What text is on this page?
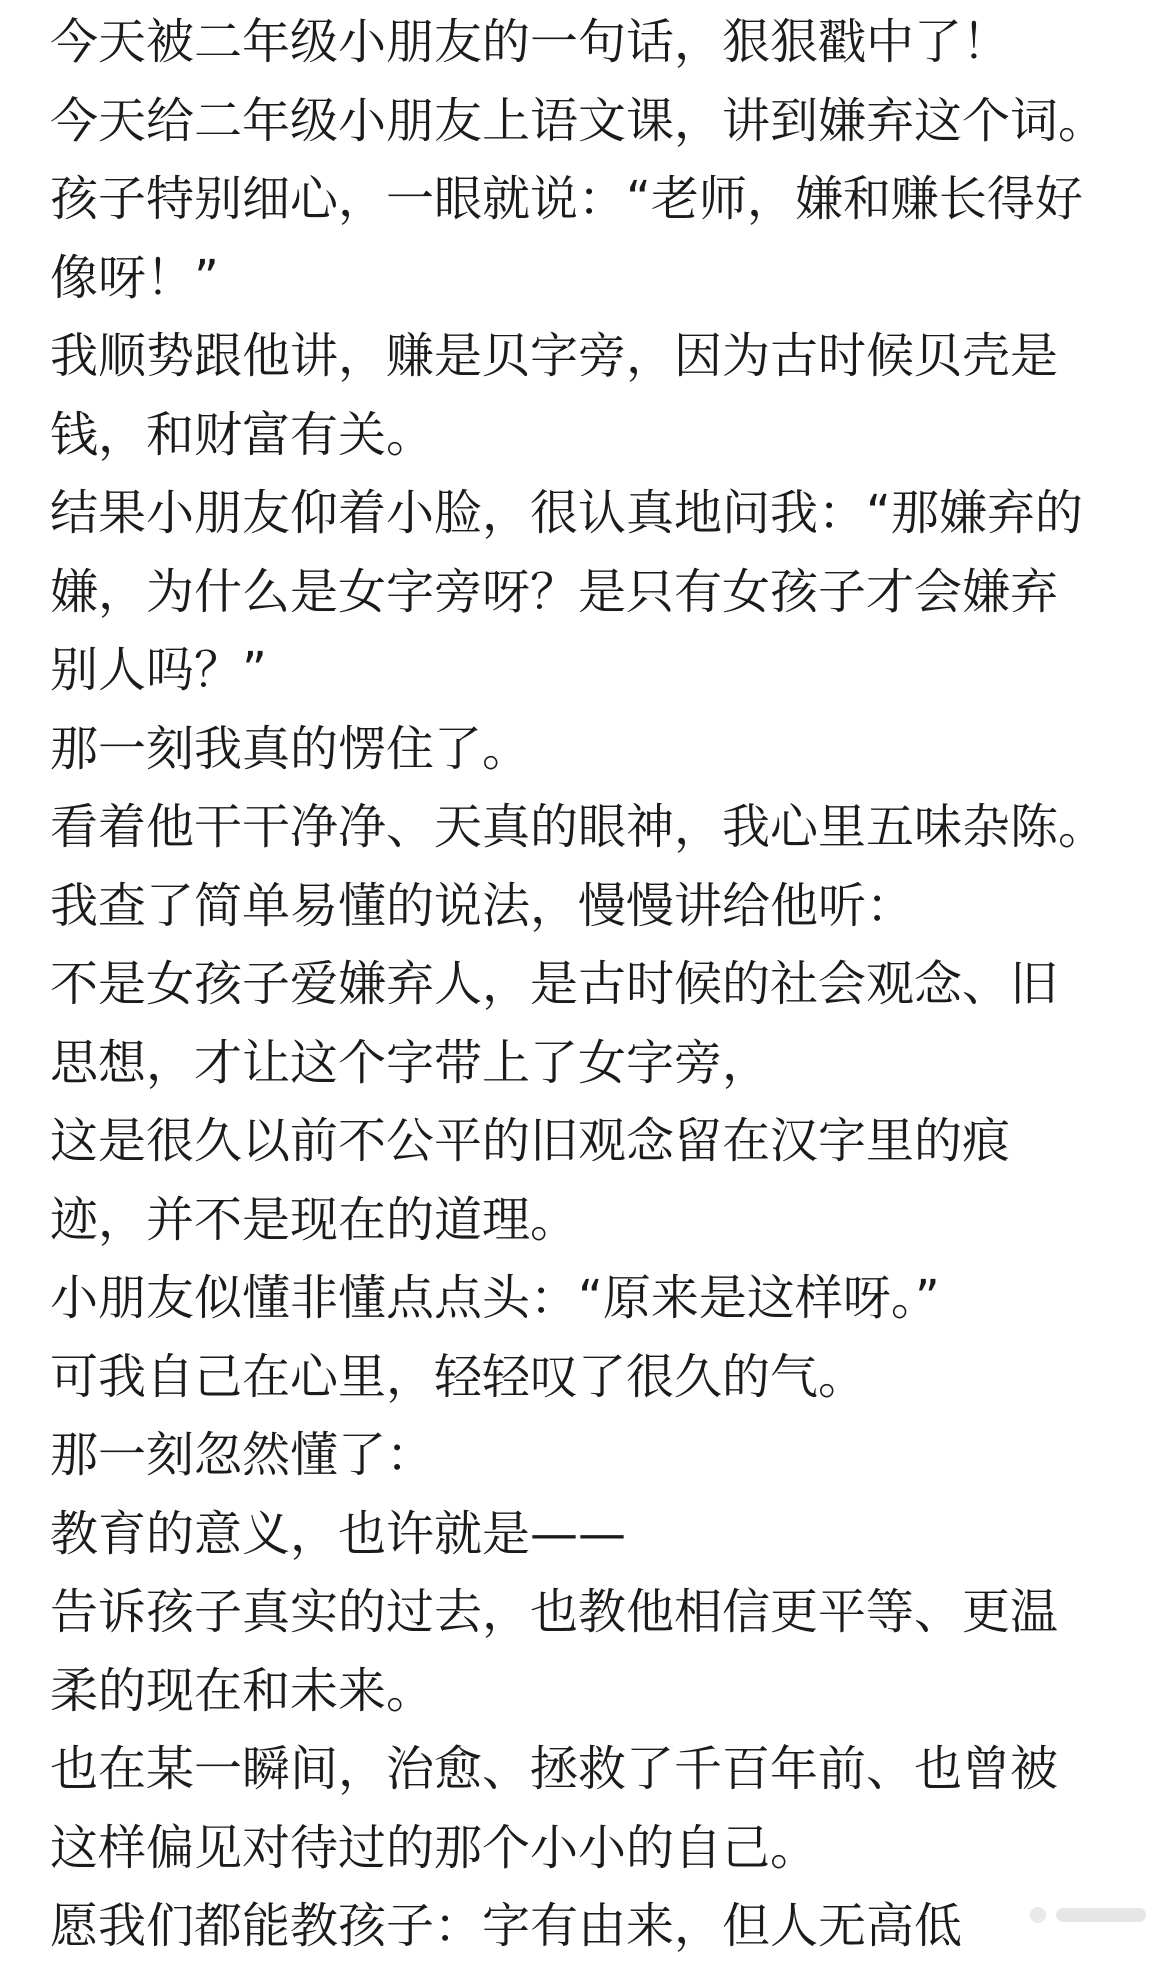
今天被二年级小朋友的一句话，狠狠戳中了！
今天给二年级小朋友上语文课，讲到嫌弃这个词。
孩子特别细心，一眼就说：“老师，嫌和赚长得好
像呀！”
我顺势跟他讲，赚是贝字旁，因为古时候贝壳是
钱，和财富有关。
结果小朋友仰着小脸，很认真地问我：“那嫌弃的
嫌，为什么是女字旁呀？是只有女孩子才会嫌弃
别人吗？”
那一刻我真的愣住了。
看着他干干净净、天真的眼神，我心里五味杂陈。
我查了简单易懂的说法，慢慢讲给他听：
不是女孩子爱嫌弃人，是古时候的社会观念、旧
思想，才让这个字带上了女字旁，
这是很久以前不公平的旧观念留在汉字里的痕
迹，并不是现在的道理。
小朋友似懂非懂点点头：“原来是这样呀。”
可我自己在心里，轻轻叹了很久的气。
那一刻忽然懂了：
教育的意义，也许就是——
告诉孩子真实的过去，也教他相信更平等、更温
柔的现在和未来。
也在某一瞬间，治愈、拯救了千百年前、也曾被
这样偏见对待过的那个小小的自己。
愿我们都能教孩子：字有由来，但人无高低
